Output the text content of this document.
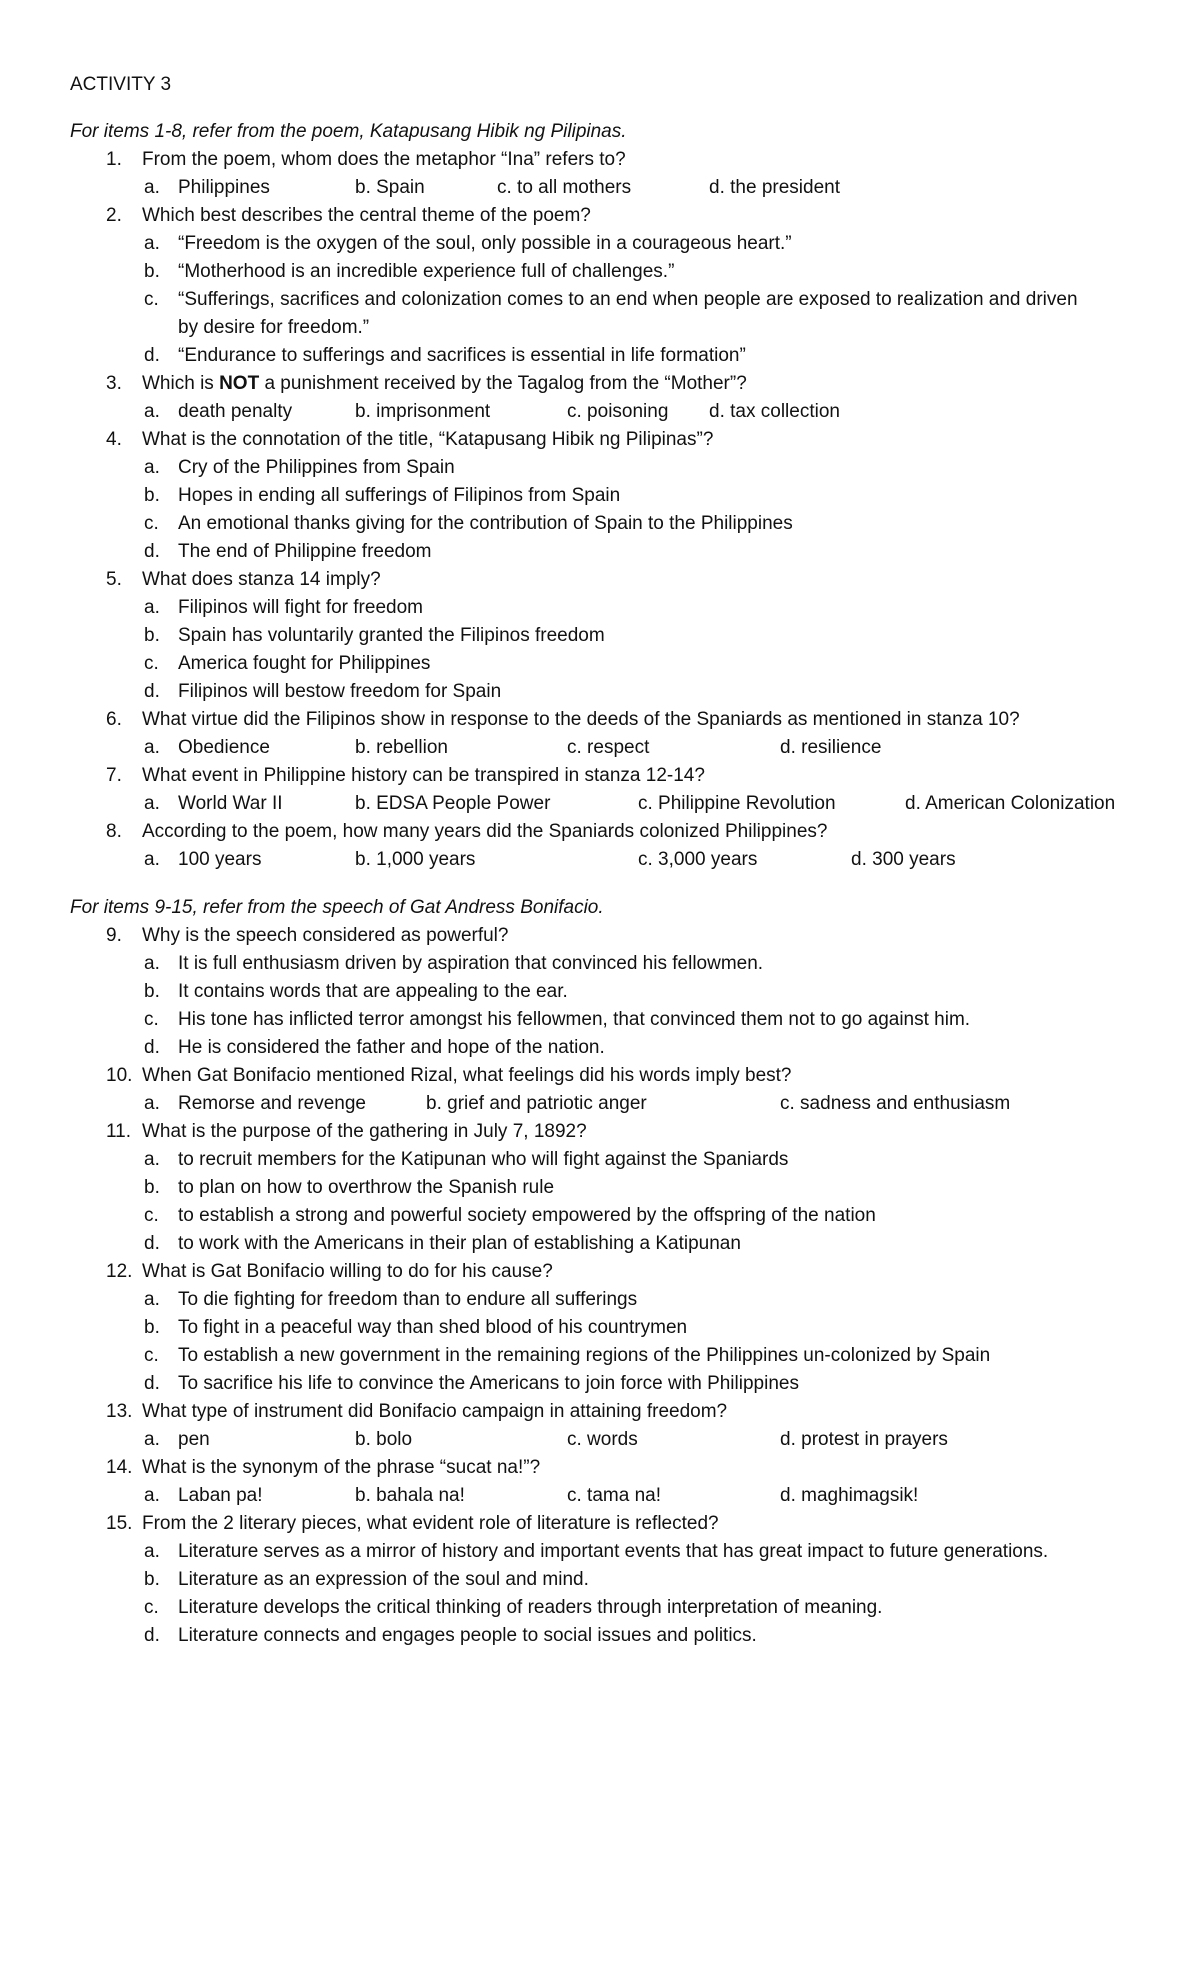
ACTIVITY 3
For items 1-8, refer from the poem, Katapusang Hibik ng Pilipinas.
1.	From the poem, whom does the metaphor “Ina” refers to?
a. Philippines	b. Spain	c. to all mothers	d. the president
2.	Which best describes the central theme of the poem?
a. “Freedom is the oxygen of the soul, only possible in a courageous heart.”
b. “Motherhood is an incredible experience full of challenges.”
c. “Sufferings, sacrifices and colonization comes to an end when people are exposed to realization and driven
by desire for freedom.”
d. “Endurance to sufferings and sacrifices is essential in life formation”
3.	Which is NOT a punishment received by the Tagalog from the “Mother”?
a. death penalty	b. imprisonment	c. poisoning d. tax collection
4.	What is the connotation of the title, “Katapusang Hibik ng Pilipinas”?
a. Cry of the Philippines from Spain
b. Hopes in ending all sufferings of Filipinos from Spain
c. An emotional thanks giving for the contribution of Spain to the Philippines
d. The end of Philippine freedom
5.	What does stanza 14 imply?
a. Filipinos will fight for freedom
b. Spain has voluntarily granted the Filipinos freedom
c. America fought for Philippines
d. Filipinos will bestow freedom for Spain
6.	What virtue did the Filipinos show in response to the deeds of the Spaniards as mentioned in stanza 10?
a. Obedience	b. rebellion	c. respect	d. resilience
7.	What event in Philippine history can be transpired in stanza 12-14?
a. World War II	b. EDSA People Power	c. Philippine Revolution	d. American Colonization
8.	According to the poem, how many years did the Spaniards colonized Philippines?
a. 100 years	b. 1,000 years	c. 3,000 years	d. 300 years
For items 9-15, refer from the speech of Gat Andress Bonifacio.
9.	Why is the speech considered as powerful?
a. It is full enthusiasm driven by aspiration that convinced his fellowmen.
b. It contains words that are appealing to the ear.
c. His tone has inflicted terror amongst his fellowmen, that convinced them not to go against him.
d. He is considered the father and hope of the nation.
10. When Gat Bonifacio mentioned Rizal, what feelings did his words imply best?
a. Remorse and revenge	b. grief and patriotic anger	c. sadness and enthusiasm
11. What is the purpose of the gathering in July 7, 1892?
a. to recruit members for the Katipunan who will fight against the Spaniards
b. to plan on how to overthrow the Spanish rule
c. to establish a strong and powerful society empowered by the offspring of the nation
d. to work with the Americans in their plan of establishing a Katipunan
12. What is Gat Bonifacio willing to do for his cause?
a. To die fighting for freedom than to endure all sufferings
b. To fight in a peaceful way than shed blood of his countrymen
c. To establish a new government in the remaining regions of the Philippines un-colonized by Spain
d. To sacrifice his life to convince the Americans to join force with Philippines
13. What type of instrument did Bonifacio campaign in attaining freedom?
a. pen	b. bolo	c. words	d. protest in prayers
14. What is the synonym of the phrase “sucat na!”?
a. Laban pa!	b. bahala na!	c. tama na!	d. maghimagsik!
15. From the 2 literary pieces, what evident role of literature is reflected?
a. Literature serves as a mirror of history and important events that has great impact to future generations.
b. Literature as an expression of the soul and mind.
c. Literature develops the critical thinking of readers through interpretation of meaning.
d. Literature connects and engages people to social issues and politics.
